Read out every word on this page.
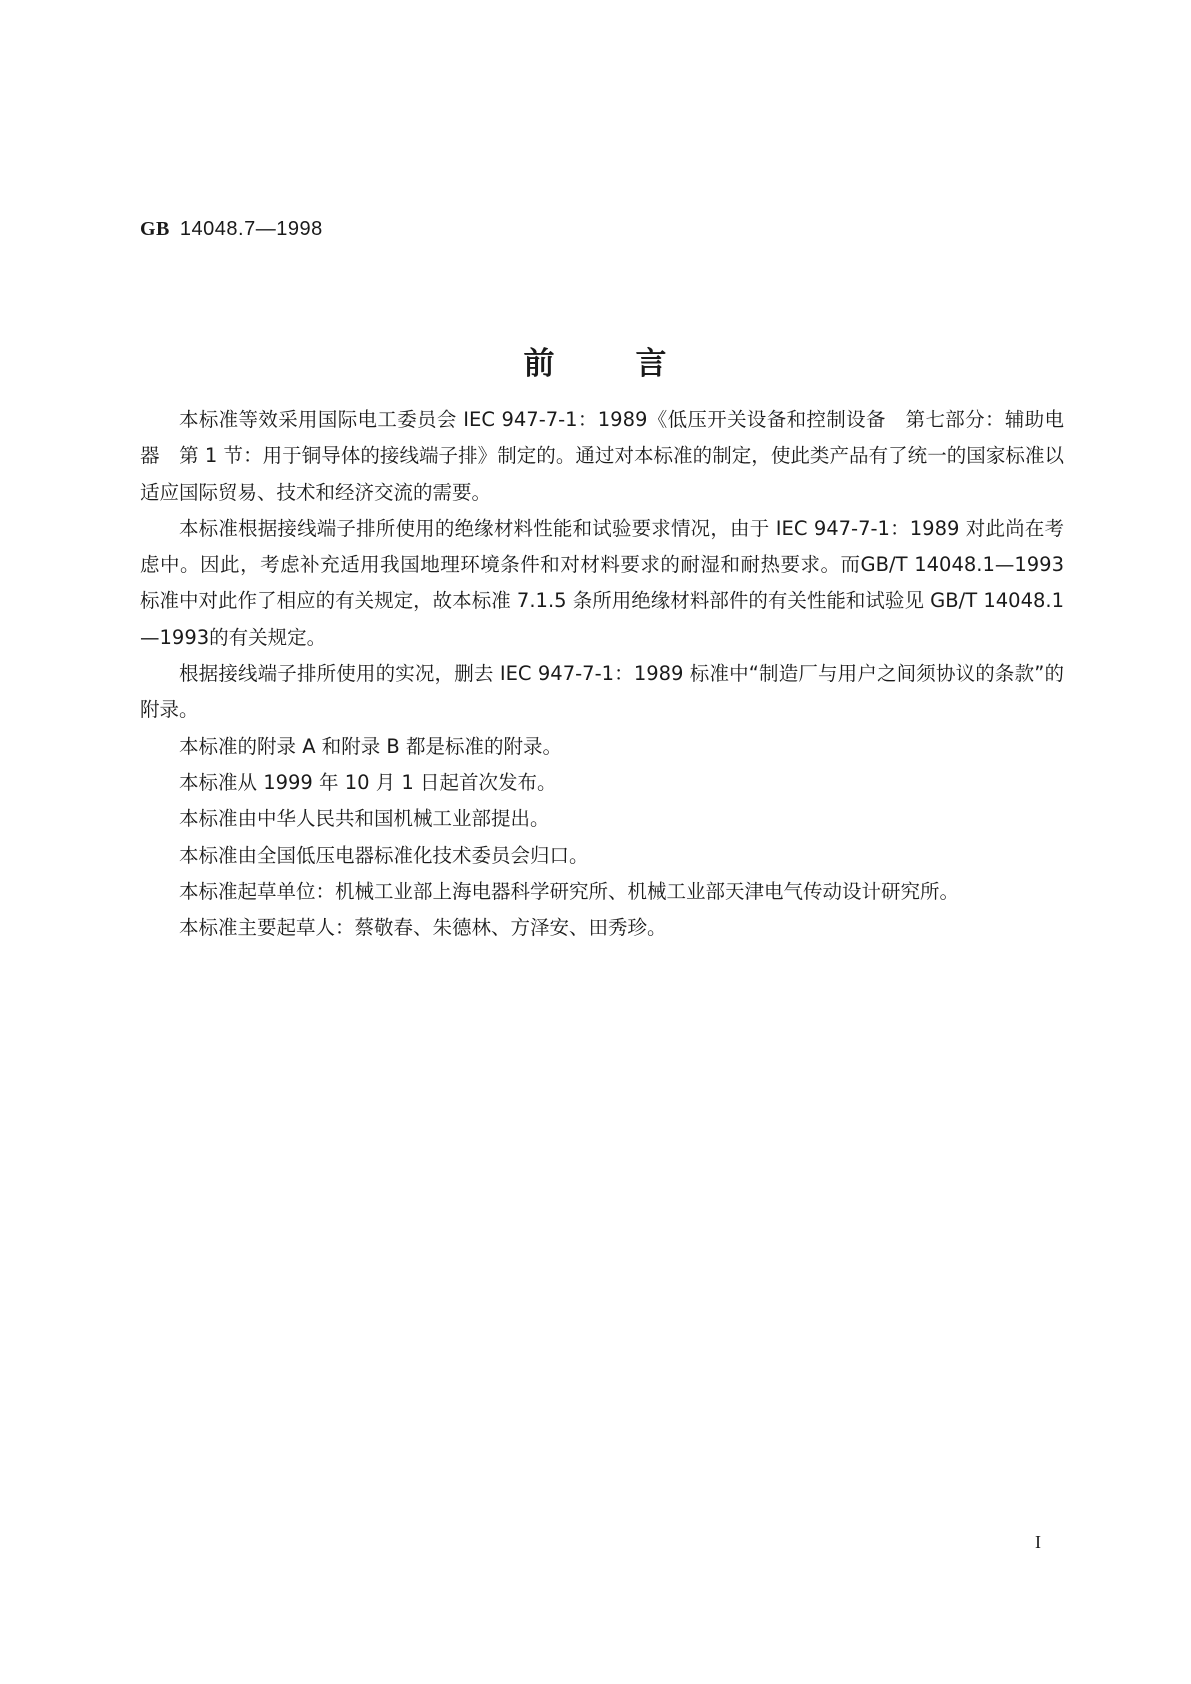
GB 14048.7—1998
前	言

本标准等效采用国际电工委员会 IEC 947-7-1：1989《低压开关设备和控制设备　第七部分：辅助电器　第 1 节：用于铜导体的接线端子排》制定的。通过对本标准的制定，使此类产品有了统一的国家标准以适应国际贸易、技术和经济交流的需要。

本标准根据接线端子排所使用的绝缘材料性能和试验要求情况，由于 IEC 947-7-1：1989 对此尚在考虑中。因此，考虑补充适用我国地理环境条件和对材料要求的耐湿和耐热要求。而GB/T 14048.1—1993 标准中对此作了相应的有关规定，故本标准 7.1.5 条所用绝缘材料部件的有关性能和试验见 GB/T 14048.1—1993的有关规定。

根据接线端子排所使用的实况，删去 IEC 947-7-1：1989 标准中“制造厂与用户之间须协议的条款”的附录。

本标准的附录 A 和附录 B 都是标准的附录。

本标准从 1999 年 10 月 1 日起首次发布。

本标准由中华人民共和国机械工业部提出。

本标准由全国低压电器标准化技术委员会归口。

本标准起草单位：机械工业部上海电器科学研究所、机械工业部天津电气传动设计研究所。

本标准主要起草人：蔡敬春、朱德林、方泽安、田秀珍。

I
